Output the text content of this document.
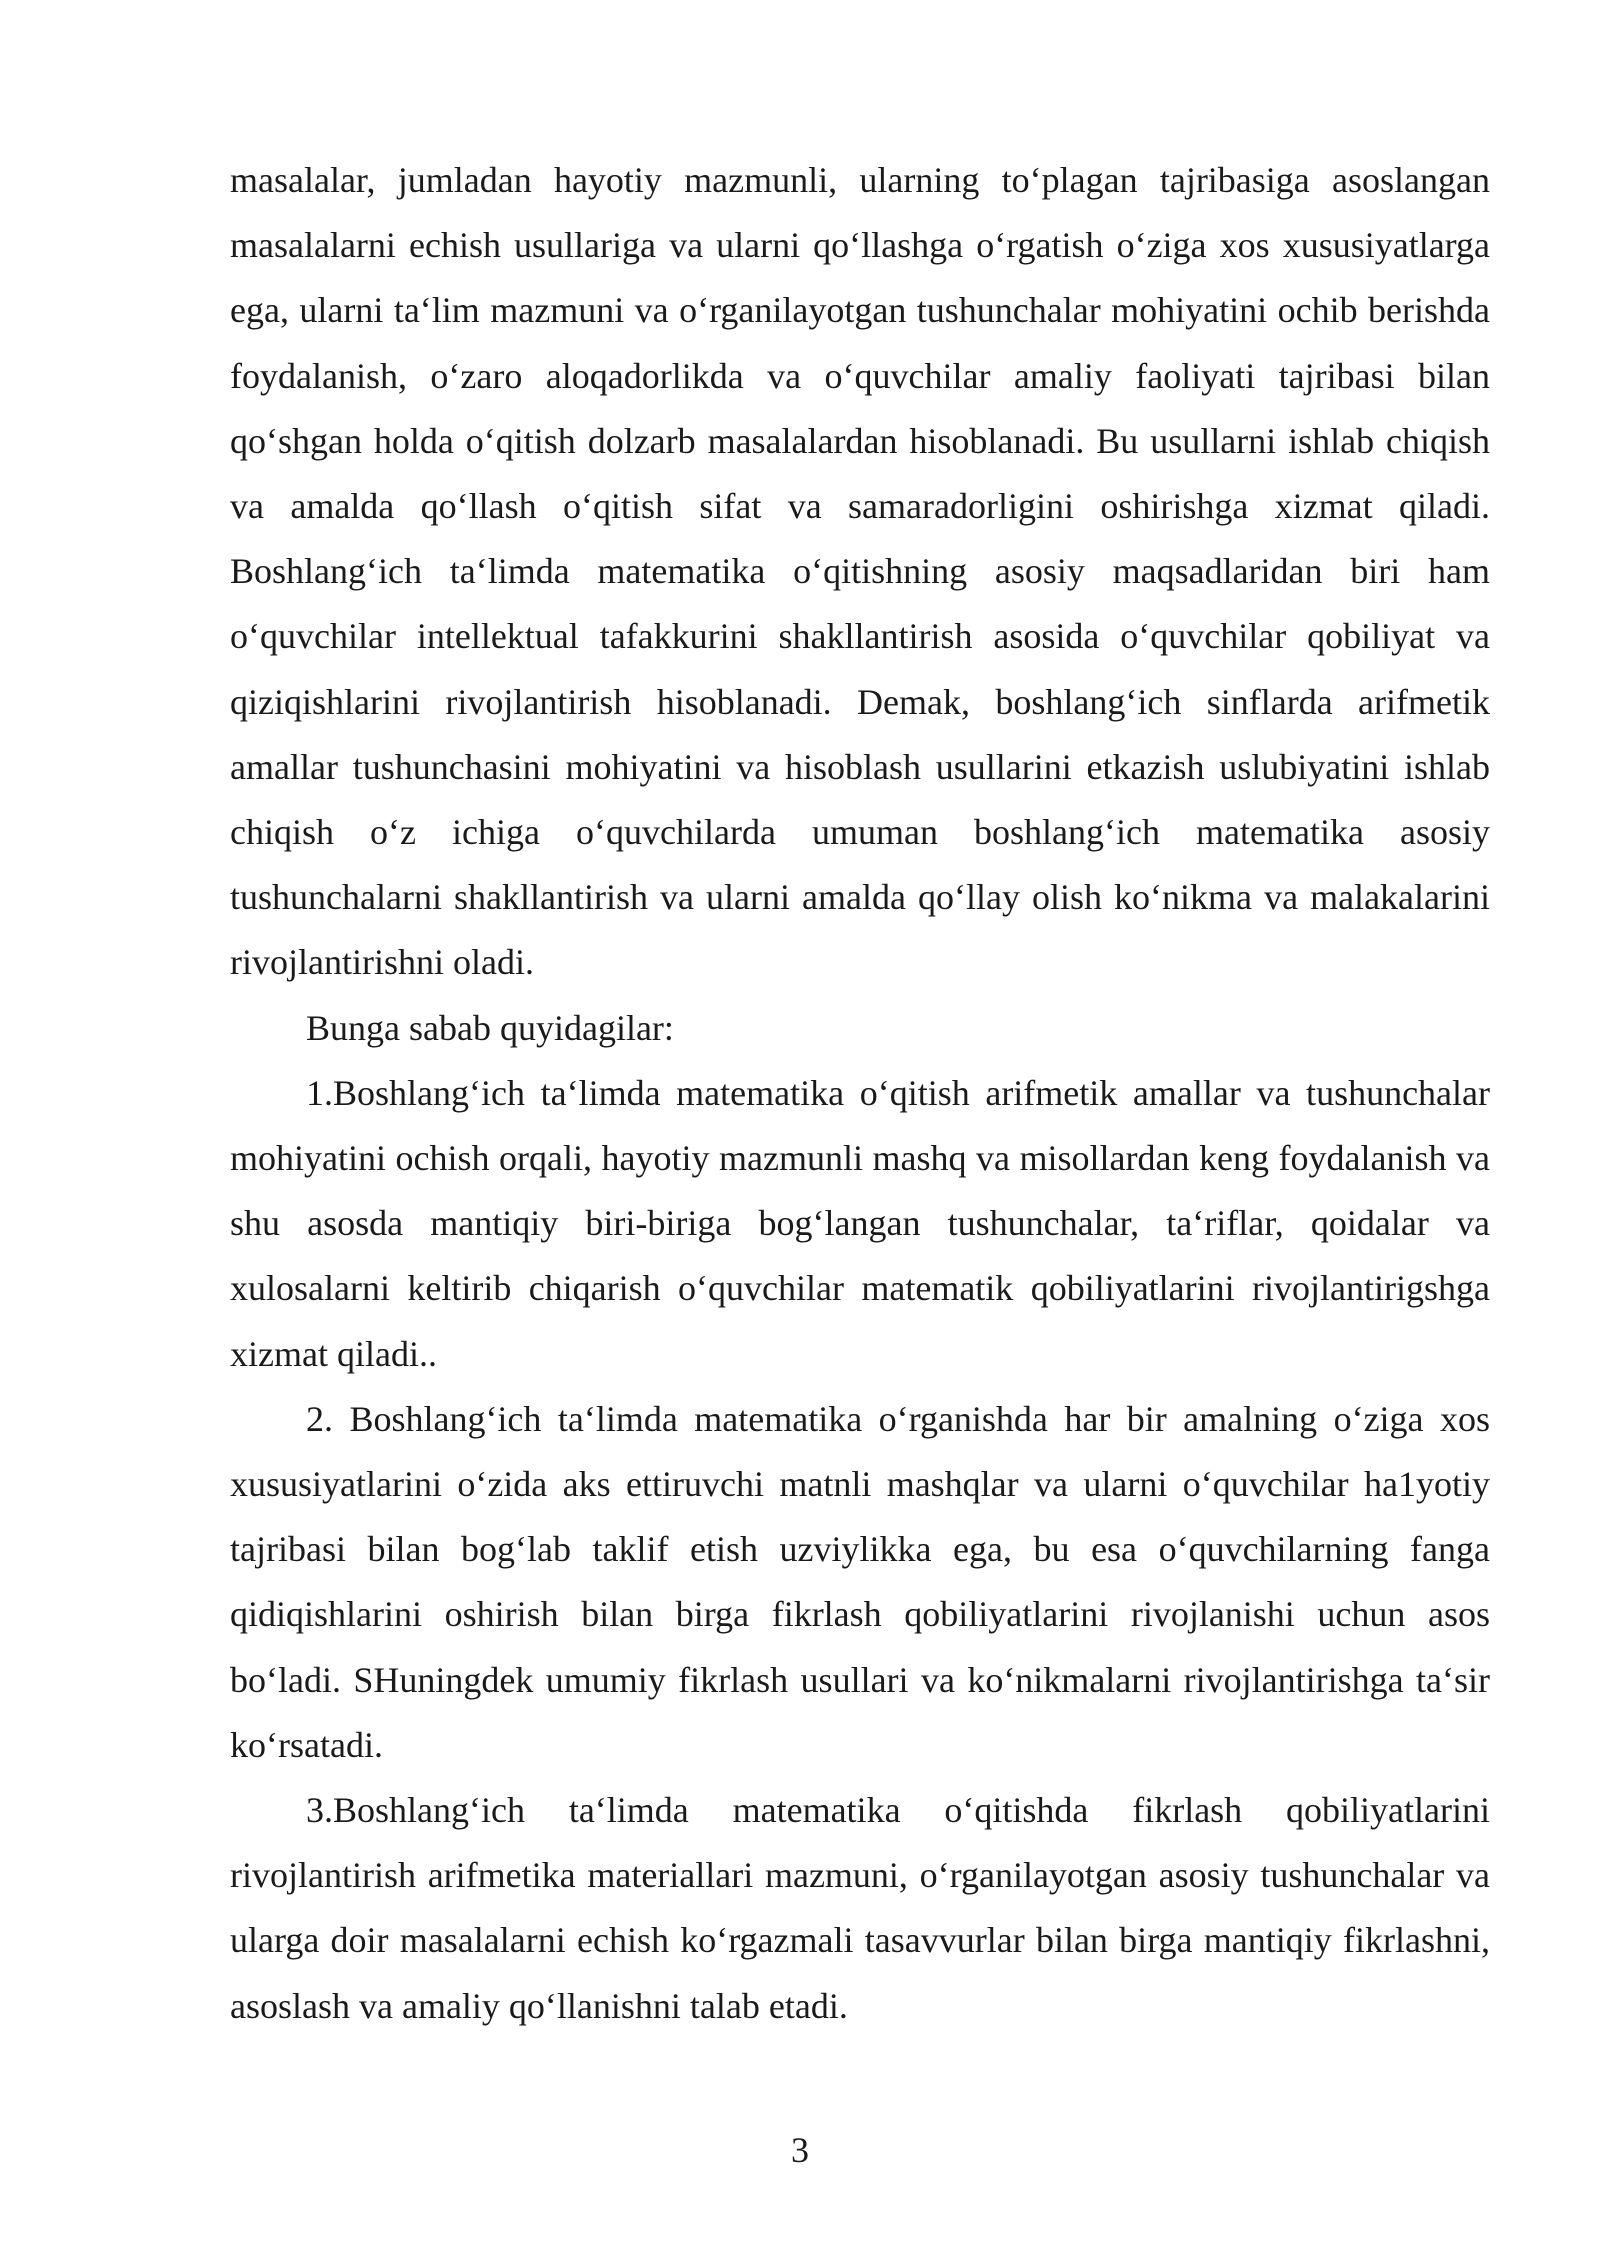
masalalar, jumladan hayotiy mazmunli, ularning to‘plagan tajribasiga asoslangan masalalarni echish usullariga va ularni qo‘llashga o‘rgatish o‘ziga xos xususiyatlarga ega, ularni ta‘lim mazmuni va o‘rganilayotgan tushunchalar mohiyatini ochib berishda foydalanish, o‘zaro aloqadorlikda va o‘quvchilar amaliy faoliyati tajribasi bilan qo‘shgan holda o‘qitish dolzarb masalalardan hisoblanadi. Bu usullarni ishlab chiqish va amalda qo‘llash o‘qitish sifat va samaradorligini oshirishga xizmat qiladi. Boshlang‘ich ta‘limda matematika o‘qitishning asosiy maqsadlaridan biri ham o‘quvchilar intellektual tafakkurini shakllantirish asosida o‘quvchilar qobiliyat va qiziqishlarini rivojlantirish hisoblanadi. Demak, boshlang‘ich sinflarda arifmetik amallar tushunchasini mohiyatini va hisoblash usullarini etkazish uslubiyatini ishlab chiqish o‘z ichiga o‘quvchilarda umuman boshlang‘ich matematika asosiy tushunchalarni shakllantirish va ularni amalda qo‘llay olish ko‘nikma va malakalarini rivojlantirishni oladi.

Bunga sabab quyidagilar:

1.Boshlang‘ich ta‘limda matematika o‘qitish arifmetik amallar va tushunchalar mohiyatini ochish orqali, hayotiy mazmunli mashq va misollardan keng foydalanish va shu asosda mantiqiy biri-biriga bog‘langan tushunchalar, ta‘riflar, qoidalar va xulosalarni keltirib chiqarish o‘quvchilar matematik qobiliyatlarini rivojlantirigshga xizmat qiladi..

2. Boshlang‘ich ta‘limda matematika o‘rganishda har bir amalning o‘ziga xos xususiyatlarini o‘zida aks ettiruvchi matnli mashqlar va ularni o‘quvchilar ha1yotiy tajribasi bilan bog‘lab taklif etish uzviylikka ega, bu esa o‘quvchilarning fanga qidiqishlarini oshirish bilan birga fikrlash qobiliyatlarini rivojlanishi uchun asos bo‘ladi. SHuningdek umumiy fikrlash usullari va ko‘nikmalarni rivojlantirishga ta‘sir ko‘rsatadi.

3.Boshlang‘ich ta‘limda matematika o‘qitishda fikrlash qobiliyatlarini rivojlantirish arifmetika materiallari mazmuni, o‘rganilayotgan asosiy tushunchalar va ularga doir masalalarni echish ko‘rgazmali tasavvurlar bilan birga mantiqiy fikrlashni, asoslash va amaliy qo‘llanishni talab etadi.

3
